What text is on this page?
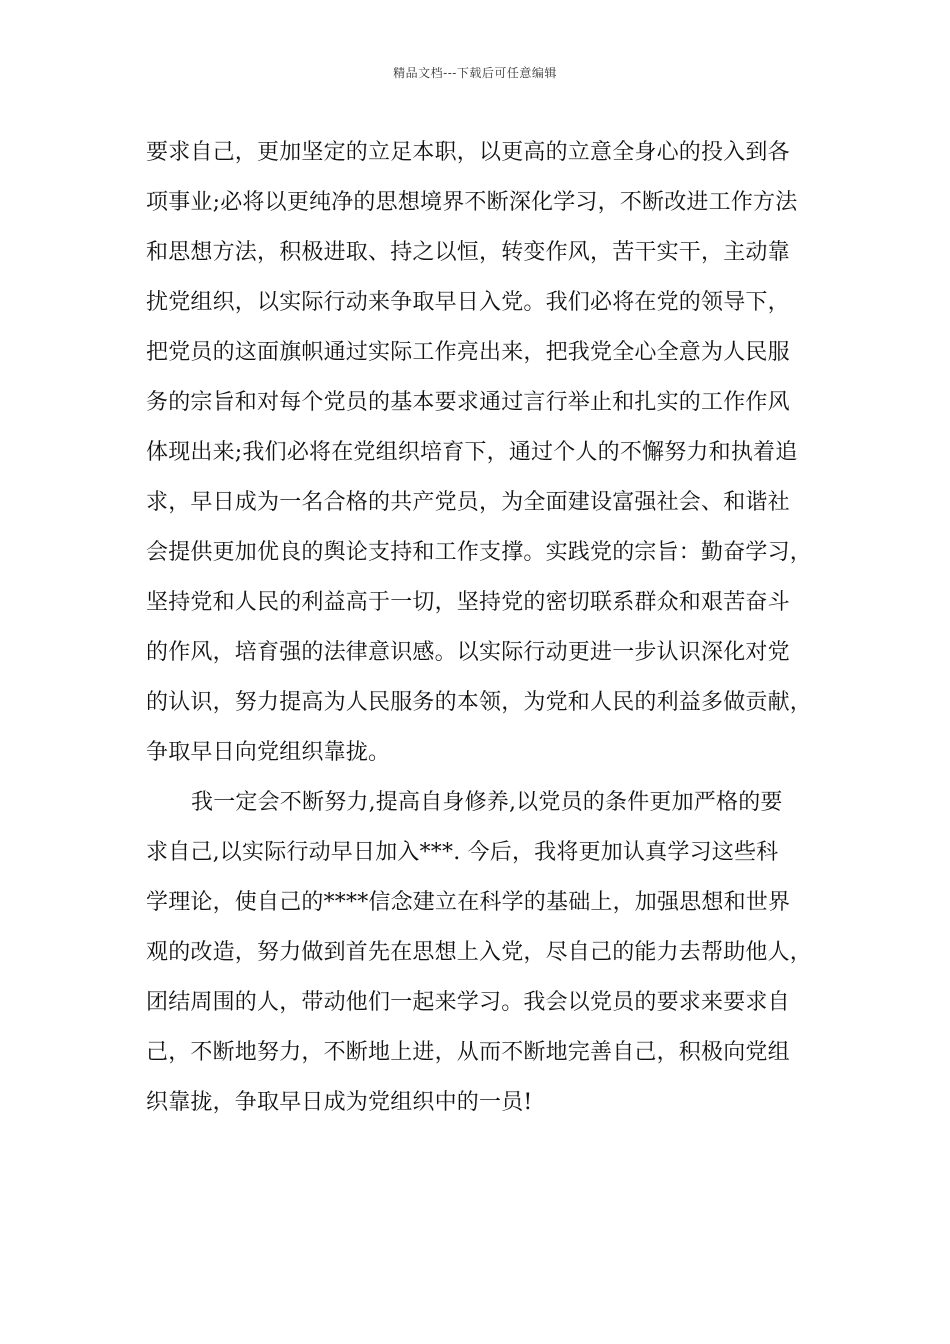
精品文档---下载后可任意编辑
要求自己，更加坚定的立足本职，以更高的立意全身心的投入到各
项事业;必将以更纯净的思想境界不断深化学习，不断改进工作方法
和思想方法，积极进取、持之以恒，转变作风，苦干实干，主动靠
扰党组织，以实际行动来争取早日入党。我们必将在党的领导下，
把党员的这面旗帜通过实际工作亮出来，把我党全心全意为人民服
务的宗旨和对每个党员的基本要求通过言行举止和扎实的工作作风
体现出来;我们必将在党组织培育下，通过个人的不懈努力和执着追
求，早日成为一名合格的共产党员，为全面建设富强社会、和谐社
会提供更加优良的舆论支持和工作支撑。实践党的宗旨：勤奋学习，
坚持党和人民的利益高于一切，坚持党的密切联系群众和艰苦奋斗
的作风，培育强的法律意识感。以实际行动更进一步认识深化对党
的认识，努力提高为人民服务的本领，为党和人民的利益多做贡献，
争取早日向党组织靠拢。
我一定会不断努力,提高自身修养,以党员的条件更加严格的要
求自己,以实际行动早日加入***. 今后，我将更加认真学习这些科
学理论，使自己的****信念建立在科学的基础上，加强思想和世界
观的改造，努力做到首先在思想上入党，尽自己的能力去帮助他人，
团结周围的人，带动他们一起来学习。我会以党员的要求来要求自
己，不断地努力，不断地上进，从而不断地完善自己，积极向党组
织靠拢，争取早日成为党组织中的一员!
